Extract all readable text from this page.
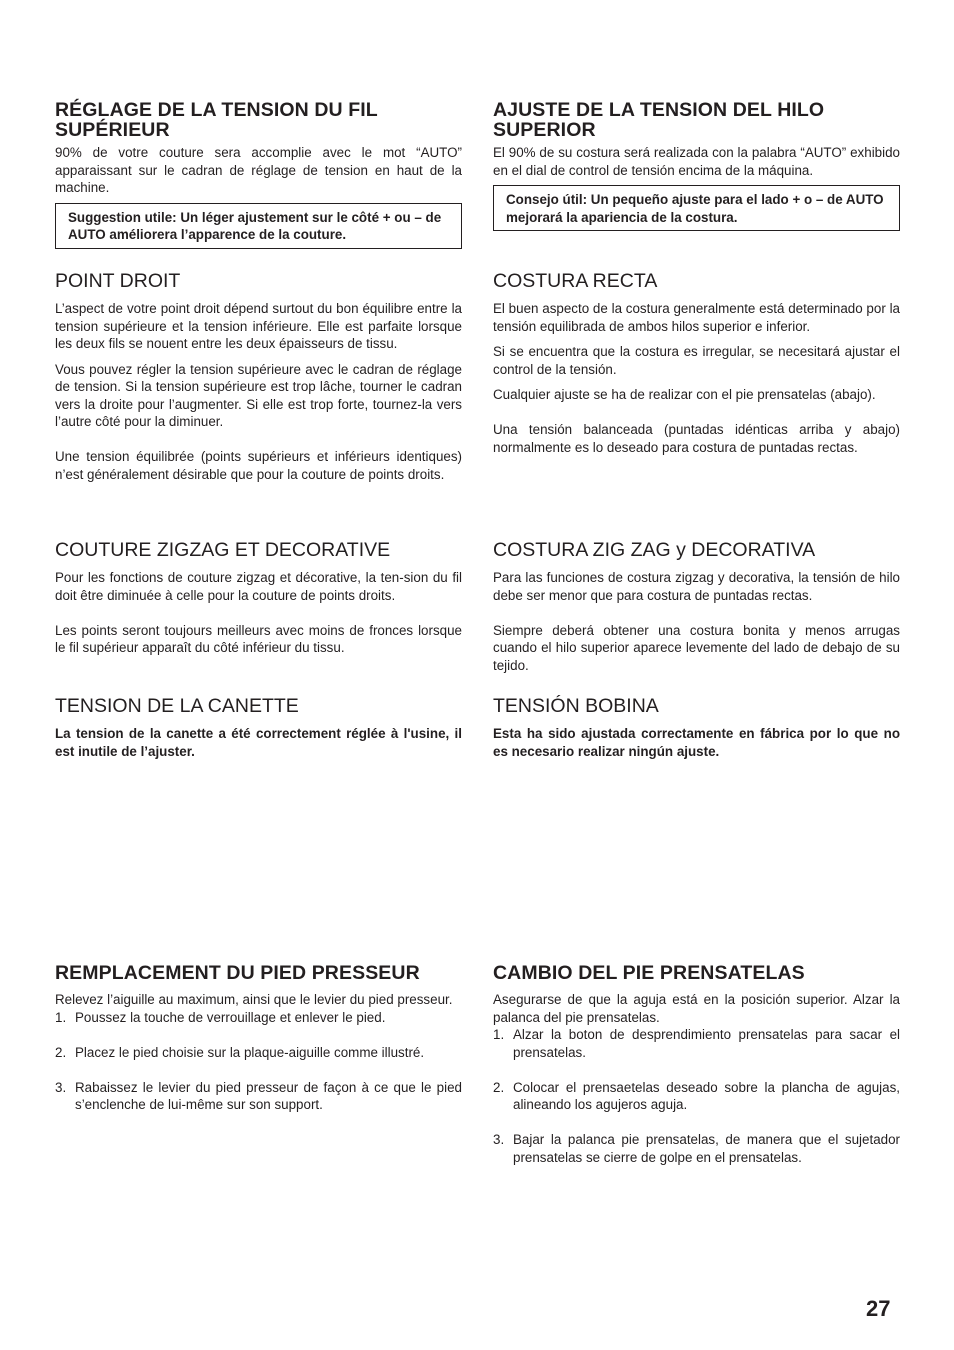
RÉGLAGE DE LA TENSION DU FIL SUPÉRIEUR

90% de votre couture sera accomplie avec le mot “AUTO” apparaissant sur le cadran de réglage de tension en haut de la machine.

Suggestion utile: Un léger ajustement sur le côté + ou – de AUTO améliorera l’apparence de la couture.
POINT DROIT

L’aspect de votre point droit dépend surtout du bon équilibre entre la tension supérieure et la tension inférieure. Elle est parfaite lorsque les deux fils se nouent entre les deux épaisseurs de tissu.

Vous pouvez régler la tension supérieure avec le cadran de réglage de tension. Si la tension supérieure est trop lâche, tourner le cadran vers la droite pour l’augmenter. Si elle est trop forte, tournez-la vers l’autre côté pour la diminuer.

Une tension équilibrée (points supérieurs et inférieurs identiques) n’est généralement désirable que pour la couture de points droits.

COUTURE ZIGZAG ET DECORATIVE

Pour les fonctions de couture zigzag et décorative, la ten-sion du fil doit être diminuée à celle pour la couture de points droits.

Les points seront toujours meilleurs avec moins de fronces lorsque le fil supérieur apparaît du côté inférieur du tissu.

TENSION DE LA CANETTE

La tension de la canette a été correctement réglée à l'usine, il est inutile de l’ajuster.

REMPLACEMENT DU PIED PRESSEUR

Relevez l’aiguille au maximum, ainsi que le levier du pied presseur.

1. Poussez la touche de verrouillage et enlever le pied.
2. Placez le pied choisie sur la plaque-aiguille comme illustré.
3. Rabaissez le levier du pied presseur de façon à ce que le pied s’enclenche de lui-même sur son support.
AJUSTE DE LA TENSION DEL HILO SUPERIOR

El 90% de su costura será realizada con la palabra “AUTO” exhibido en el dial de control de tensión encima de la máquina.

Consejo útil: Un pequeño ajuste para el lado + o – de AUTO mejorará la apariencia de la costura.
COSTURA RECTA

El buen aspecto de la costura generalmente está determinado por la tensión equilibrada de ambos hilos superior e inferior.

Si se encuentra que la costura es irregular, se necesitará ajustar el control de la tensión.

Cualquier ajuste se ha de realizar con el pie prensatelas (abajo).

Una tensión balanceada (puntadas idénticas arriba y abajo) normalmente es lo deseado para costura de puntadas rectas.

COSTURA ZIG ZAG y DECORATIVA

Para las funciones de costura zigzag y decorativa, la tensión de hilo debe ser menor que para costura de puntadas rectas.

Siempre deberá obtener una costura bonita y menos arrugas cuando el hilo superior aparece levemente del lado de debajo de su tejido.

TENSIÓN BOBINA

Esta ha sido ajustada correctamente en fábrica por lo que no es necesario realizar ningún ajuste.

CAMBIO DEL PIE PRENSATELAS

Asegurarse de que la aguja está en la posición superior. Alzar la palanca del pie prensatelas.

1. Alzar la boton de desprendimiento prensatelas para sacar el prensatelas.
2. Colocar el prensaetelas deseado sobre la plancha de agujas, alineando los agujeros aguja.
3. Bajar la palanca pie prensatelas, de manera que el sujetador prensatelas se cierre de golpe en el prensatelas.
27
